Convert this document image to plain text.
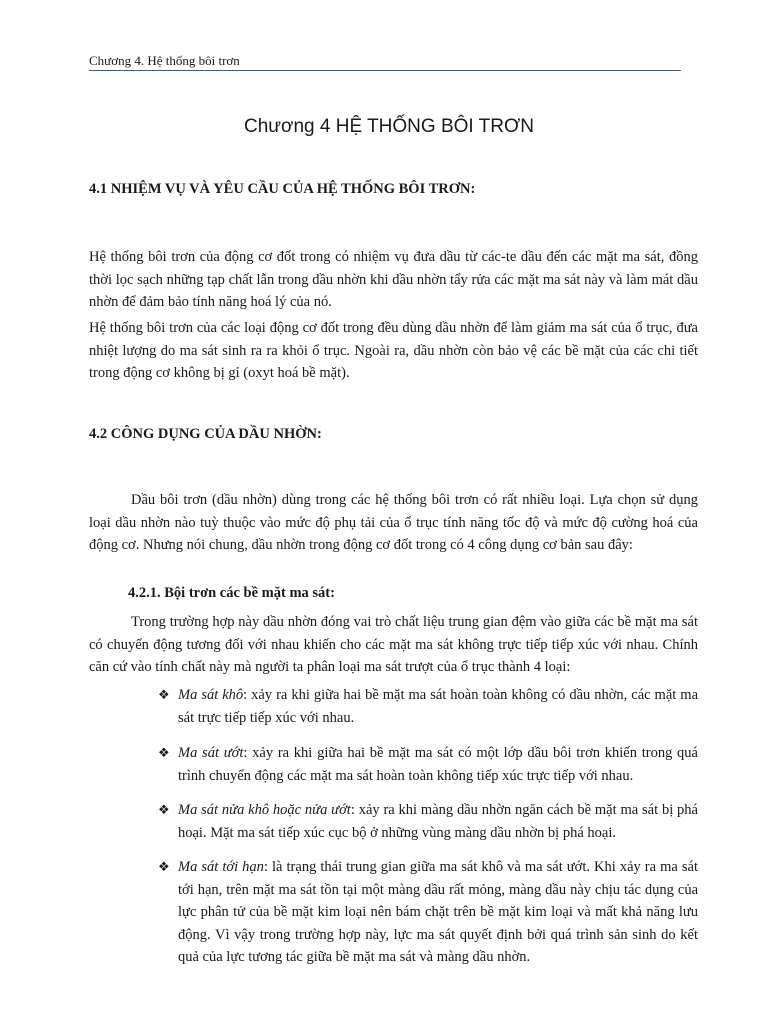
Chương 4. Hệ thống bôi trơn
Chương 4 HỆ THỐNG BÔI TRƠN
4.1 NHIỆM VỤ VÀ YÊU CẦU CỦA HỆ THỐNG BÔI TRƠN:

Hệ thống bôi trơn của động cơ đốt trong có nhiệm vụ đưa dầu từ các-te dầu đến các mặt ma sát, đồng thời lọc sạch những tạp chất lẫn trong dầu nhờn khi dầu nhờn tẩy rửa các mặt ma sát này và làm mát dầu nhờn để đảm bảo tính năng hoá lý của nó.

Hệ thống bôi trơn của các loại động cơ đốt trong đều dùng dầu nhờn để làm giảm ma sát của ổ trục, đưa nhiệt lượng do ma sát sinh ra ra khỏi ổ trục. Ngoài ra, dầu nhờn còn bảo vệ các bề mặt của các chi tiết trong động cơ không bị gỉ (oxyt hoá bề mặt).

4.2 CÔNG DỤNG CỦA DẦU NHỜN:

Dầu bôi trơn (dầu nhờn) dùng trong các hệ thống bôi trơn có rất nhiều loại. Lựa chọn sử dụng loại dầu nhờn nào tuỳ thuộc vào mức độ phụ tải của ổ trục tính năng tốc độ và mức độ cường hoá của động cơ. Nhưng nói chung, dầu nhờn trong động cơ đốt trong có 4 công dụng cơ bản sau đây:

4.2.1. Bội trơn các bề mặt ma sát:

Trong trường hợp này dầu nhờn đóng vai trò chất liệu trung gian đệm vào giữa các bề mặt ma sát có chuyển động tương đối với nhau khiến cho các mặt ma sát không trực tiếp tiếp xúc với nhau. Chính căn cứ vào tính chất này mà người ta phân loại ma sát trượt của ổ trục thành 4 loại:

❖ Ma sát khô: xảy ra khi giữa hai bề mặt ma sát hoàn toàn không có dầu nhờn, các mặt ma sát trực tiếp tiếp xúc với nhau.
❖ Ma sát ướt: xảy ra khi giữa hai bề mặt ma sát có một lớp dầu bôi trơn khiến trong quá trình chuyển động các mặt ma sát hoàn toàn không tiếp xúc trực tiếp với nhau.
❖ Ma sát nửa khô hoặc nửa ướt: xảy ra khi màng dầu nhờn ngăn cách bề mặt ma sát bị phá hoại. Mặt ma sát tiếp xúc cục bộ ở những vùng màng dầu nhờn bị phá hoại.
❖ Ma sát tới hạn: là trạng thái trung gian giữa ma sát khô và ma sát ướt. Khi xảy ra ma sát tới hạn, trên mặt ma sát tồn tại một màng dầu rất mỏng, màng dầu này chịu tác dụng của lực phân tử của bề mặt kim loại nên bám chặt trên bề mặt kim loại và mất khả năng lưu động. Vì vậy trong trường hợp này, lực ma sát quyết định bởi quá trình sản sinh do kết quả của lực tương tác giữa bề mặt ma sát và màng dầu nhờn.
